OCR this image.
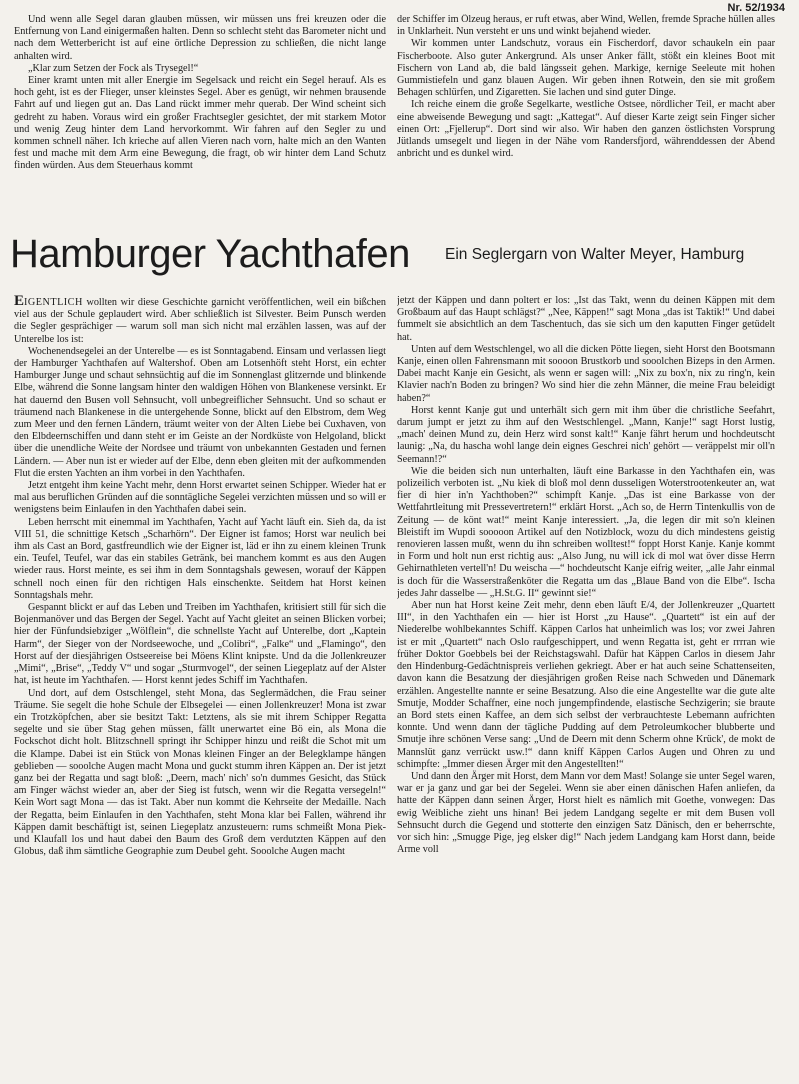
Nr. 52/1934

Und wenn alle Segel daran glauben müssen, wir müssen uns frei kreuzen oder die Entfernung von Land einigermaßen halten. Denn so schlecht steht das Barometer nicht und nach dem Wetterbericht ist auf eine örtliche Depression zu schließen, die nicht lange anhalten wird.

„Klar zum Setzen der Fock als Trysegel!“

Einer kramt unten mit aller Energie im Segelsack und reicht ein Segel herauf. Als es hoch geht, ist es der Flieger, unser kleinstes Segel. Aber es genügt, wir nehmen brausende Fahrt auf und liegen gut an. Das Land rückt immer mehr querab. Der Wind scheint sich gedreht zu haben. Voraus wird ein großer Frachtsegler gesichtet, der mit starkem Motor und wenig Zeug hinter dem Land hervorkommt. Wir fahren auf den Segler zu und kommen schnell näher. Ich krieche auf allen Vieren nach vorn, halte mich an den Wanten fest und mache mit dem Arm eine Bewegung, die fragt, ob wir hinter dem Land Schutz finden würden. Aus dem Steuerhaus kommt

der Schiffer im Ölzeug heraus, er ruft etwas, aber Wind, Wellen, fremde Sprache hüllen alles in Unklarheit. Nun versteht er uns und winkt bejahend wieder.

Wir kommen unter Landschutz, voraus ein Fischerdorf, davor schaukeln ein paar Fischerboote. Also guter Ankergrund. Als unser Anker fällt, stößt ein kleines Boot mit Fischern von Land ab, die bald längsseit gehen. Markige, kernige Seeleute mit hohen Gummistiefeln und ganz blauen Augen. Wir geben ihnen Rotwein, den sie mit großem Behagen schlürfen, und Zigaretten. Sie lachen und sind guter Dinge.

Ich reiche einem die große Segelkarte, westliche Ostsee, nördlicher Teil, er macht aber eine abweisende Bewegung und sagt: „Kattegat“. Auf dieser Karte zeigt sein Finger sicher einen Ort: „Fjellerup“. Dort sind wir also. Wir haben den ganzen östlichsten Vorsprung Jütlands umsegelt und liegen in der Nähe vom Randersfjord, währenddessen der Abend anbricht und es dunkel wird.

Hamburger Yachthafen	Ein Seglergarn von Walter Meyer, Hamburg

EIGENTLICH wollten wir diese Geschichte garnicht veröffentlichen, weil ein bißchen viel aus der Schule geplaudert wird. Aber schließlich ist Silvester. Beim Punsch werden die Segler gesprächiger — warum soll man sich nicht mal erzählen lassen, was auf der Unterelbe los ist:

Wochenendsegelei an der Unterelbe — es ist Sonntagabend. Einsam und verlassen liegt der Hamburger Yachthafen auf Waltershof. Oben am Lotsenhöft steht Horst, ein echter Hamburger Junge und schaut sehnsüchtig auf die im Sonnenglast glitzernde und blinkende Elbe, während die Sonne langsam hinter den waldigen Höhen von Blankenese versinkt. Er hat dauernd den Busen voll Sehnsucht, voll unbegreiflicher Sehnsucht. Und so schaut er träumend nach Blankenese in die untergehende Sonne, blickt auf den Elbstrom, dem Weg zum Meer und den fernen Ländern, träumt weiter von der Alten Liebe bei Cuxhaven, von den Elbdeernschiffen und dann steht er im Geiste an der Nordküste von Helgoland, blickt über die unendliche Weite der Nordsee und träumt von unbekannten Gestaden und fernen Ländern. — Aber nun ist er wieder auf der Elbe, denn eben gleiten mit der aufkommenden Flut die ersten Yachten an ihm vorbei in den Yachthafen.

Jetzt entgeht ihm keine Yacht mehr, denn Horst erwartet seinen Schipper. Wieder hat er mal aus beruflichen Gründen auf die sonntägliche Segelei verzichten müssen und so will er wenigstens beim Einlaufen in den Yachthafen dabei sein.

Leben herrscht mit einemmal im Yachthafen, Yacht auf Yacht läuft ein. Sieh da, da ist VIII 51, die schnittige Ketsch „Scharhörn“. Der Eigner ist famos; Horst war neulich bei ihm als Cast an Bord, gastfreundlich wie der Eigner ist, läd er ihn zu einem kleinen Trunk ein. Teufel, Teufel, war das ein stabiles Getränk, bei manchem kommt es aus den Augen wieder raus. Horst meinte, es sei ihm in dem Sonntagshals gewesen, worauf der Käppen schnell noch einen für den richtigen Hals einschenkte. Seitdem hat Horst keinen Sonntagshals mehr.

Gespannt blickt er auf das Leben und Treiben im Yachthafen, kritisiert still für sich die Bojenmanöver und das Bergen der Segel. Yacht auf Yacht gleitet an seinen Blicken vorbei; hier der Fünfundsiebziger „Wölflein“, die schnellste Yacht auf Unterelbe, dort „Kaptein Harm“, der Sieger von der Nordseewoche, und „Colibri“, „Falke“ und „Flamingo“, den Horst auf der diesjährigen Ostseereise bei Möens Klint knipste. Und da die Jollenkreuzer „Mimi“, „Brise“, „Teddy V“ und sogar „Sturmvogel“, der seinen Liegeplatz auf der Alster hat, ist heute im Yachthafen. — Horst kennt jedes Schiff im Yachthafen.

Und dort, auf dem Ostschlengel, steht Mona, das Seglermädchen, die Frau seiner Träume. Sie segelt die hohe Schule der Elbsegelei — einen Jollenkreuzer! Mona ist zwar ein Trotzköpfchen, aber sie besitzt Takt: Letztens, als sie mit ihrem Schipper Regatta segelte und sie über Stag gehen müssen, fällt unerwartet eine Bö ein, als Mona die Fockschot dicht holt. Blitzschnell springt ihr Schipper hinzu und reißt die Schot mit um die Klampe. Dabei ist ein Stück von Monas kleinen Finger an der Belegklampe hängen geblieben — sooolche Augen macht Mona und guckt stumm ihren Käppen an. Der ist jetzt ganz bei der Regatta und sagt bloß: „Deern, mach' nich' so'n dummes Gesicht, das Stück am Finger wächst wieder an, aber der Sieg ist futsch, wenn wir die Regatta versegeln!“ Kein Wort sagt Mona — das ist Takt. Aber nun kommt die Kehrseite der Medaille. Nach der Regatta, beim Einlaufen in den Yachthafen, steht Mona klar bei Fallen, während ihr Käppen damit beschäftigt ist, seinen Liegeplatz anzusteuern: rums schmeißt Mona Piek- und Klaufall los und haut dabei den Baum des Groß dem verdutzten Käppen auf den Globus, daß ihm sämtliche Geographie zum Deubel geht. Sooolche Augen macht

jetzt der Käppen und dann poltert er los: „Ist das Takt, wenn du deinen Käppen mit dem Großbaum auf das Haupt schlägst?“ „Nee, Käppen!“ sagt Mona „das ist Taktik!“ Und dabei fummelt sie absichtlich an dem Taschentuch, das sie sich um den kaputten Finger getüdelt hat.

Unten auf dem Westschlengel, wo all die dicken Pötte liegen, sieht Horst den Bootsmann Kanje, einen ollen Fahrensmann mit soooon Brustkorb und sooolchen Bizeps in den Armen. Dabei macht Kanje ein Gesicht, als wenn er sagen will: „Nix zu box'n, nix zu ring'n, kein Klavier nach'n Boden zu bringen? Wo sind hier die zehn Männer, die meine Frau beleidigt haben?“

Horst kennt Kanje gut und unterhält sich gern mit ihm über die christliche Seefahrt, darum jumpt er jetzt zu ihm auf den Westschlengel. „Mann, Kanje!“ sagt Horst lustig, „mach' deinen Mund zu, dein Herz wird sonst kalt!“ Kanje fährt herum und hochdeutscht launig: „Na, du hascha wohl lange dein eignes Geschrei nich' gehört — veräppelst mir oll'n Seemann!?“

Wie die beiden sich nun unterhalten, läuft eine Barkasse in den Yachthafen ein, was polizeilich verboten ist. „Nu kiek di bloß mol denn dusseligen Woterstrootenkeuter an, wat fier di hier in'n Yachthoben?“ schimpft Kanje. „Das ist eine Barkasse von der Wettfahrtleitung mit Pressevertretern!“ erklärt Horst. „Ach so, de Herrn Tintenkullis von de Zeitung — de könt wat!“ meint Kanje interessiert. „Ja, die legen dir mit so'n kleinen Bleistift im Wupdi sooooon Artikel auf den Notizblock, wozu du dich mindestens geistig renovieren lassen mußt, wenn du ihn schreiben wolltest!“ foppt Horst Kanje. Kanje kommt in Form und holt nun erst richtig aus: „Also Jung, nu will ick di mol wat över disse Herrn Gehirnathleten vertell'n! Du weischa —“ hochdeutscht Kanje eifrig weiter, „alle Jahr einmal is doch für die Wasserstraßenköter die Regatta um das „Blaue Band von die Elbe“. Ischa jedes Jahr dasselbe — „H.St.G. II“ gewinnt sie!“

Aber nun hat Horst keine Zeit mehr, denn eben läuft E/4, der Jollenkreuzer „Quartett III“, in den Yachthafen ein — hier ist Horst „zu Hause“. „Quartett“ ist ein auf der Niederelbe wohlbekanntes Schiff. Käppen Carlos hat unheimlich was los; vor zwei Jahren ist er mit „Quartett“ nach Oslo raufgeschippert, und wenn Regatta ist, geht er rrrran wie früher Doktor Goebbels bei der Reichstagswahl. Dafür hat Käppen Carlos in diesem Jahr den Hindenburg-Gedächtnispreis verliehen gekriegt. Aber er hat auch seine Schattenseiten, davon kann die Besatzung der diesjährigen großen Reise nach Schweden und Dänemark erzählen. Angestellte nannte er seine Besatzung. Also die eine Angestellte war die gute alte Smutje, Modder Schaffner, eine noch jungempfindende, elastische Sechzigerin; sie braute an Bord stets einen Kaffee, an dem sich selbst der verbrauchteste Lebemann aufrichten konnte. Und wenn dann der tägliche Pudding auf dem Petroleumkocher blubberte und Smutje ihre schönen Verse sang: „Und de Deern mit denn Scherm ohne Krück', de mokt de Mannslüt ganz verrückt usw.!“ dann kniff Käppen Carlos Augen und Ohren zu und schimpfte: „Immer diesen Ärger mit den Angestellten!“

Und dann den Ärger mit Horst, dem Mann vor dem Mast! Solange sie unter Segel waren, war er ja ganz und gar bei der Segelei. Wenn sie aber einen dänischen Hafen anliefen, da hatte der Käppen dann seinen Ärger, Horst hielt es nämlich mit Goethe, vonwegen: Das ewig Weibliche zieht uns hinan! Bei jedem Landgang segelte er mit dem Busen voll Sehnsucht durch die Gegend und stotterte den einzigen Satz Dänisch, den er beherrschte, vor sich hin: „Smugge Pige, jeg elsker dig!“ Nach jedem Landgang kam Horst dann, beide Arme voll
